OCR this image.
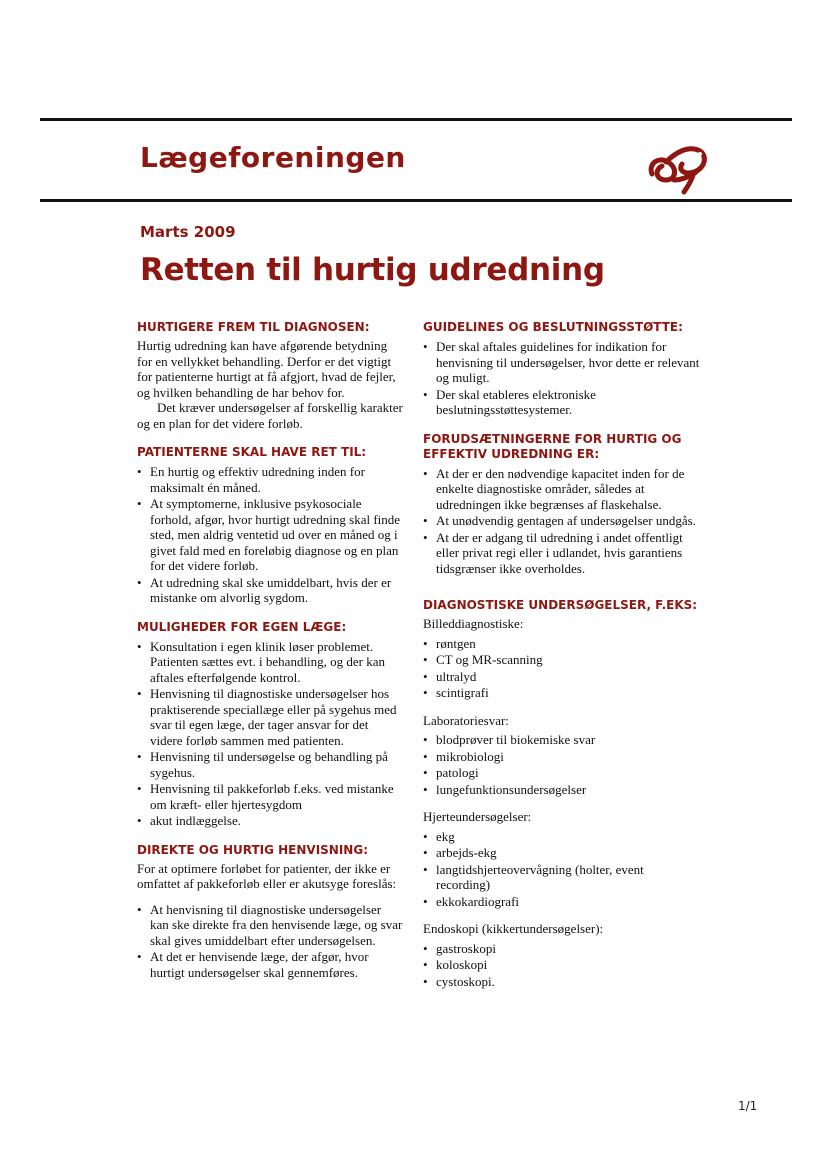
Lægeforeningen
Marts 2009
Retten til hurtig udredning
HURTIGERE FREM TIL DIAGNOSEN:

Hurtig udredning kan have afgørende betydning for en vellykket behandling. Derfor er det vigtigt for patienterne hurtigt at få afgjort, hvad de fejler, og hvilken behandling de har behov for.

Det kræver undersøgelser af forskellig karakter og en plan for det videre forløb.

PATIENTERNE SKAL HAVE RET TIL:
• En hurtig og effektiv udredning inden for maksimalt én måned.
• At symptomerne, inklusive psykosociale forhold, afgør, hvor hurtigt udredning skal finde sted, men aldrig ventetid ud over en måned og i givet fald med en foreløbig diagnose og en plan for det videre forløb.
• At udredning skal ske umiddelbart, hvis der er mistanke om alvorlig sygdom.
MULIGHEDER FOR EGEN LÆGE:
• Konsultation i egen klinik løser problemet. Patienten sættes evt. i behandling, og der kan aftales efterfølgende kontrol.
• Henvisning til diagnostiske undersøgelser hos praktiserende speciallæge eller på sygehus med svar til egen læge, der tager ansvar for det videre forløb sammen med patienten.
• Henvisning til undersøgelse og behandling på sygehus.
• Henvisning til pakkeforløb f.eks. ved mistanke om kræft- eller hjertesygdom
• akut indlæggelse.
DIREKTE OG HURTIG HENVISNING:

For at optimere forløbet for patienter, der ikke er omfattet af pakkeforløb eller er akutsyge foreslås:

• At henvisning til diagnostiske undersøgelser kan ske direkte fra den henvisende læge, og svar skal gives umiddelbart efter undersøgelsen.
• At det er henvisende læge, der afgør, hvor hurtigt undersøgelser skal gennemføres.
GUIDELINES OG BESLUTNINGSSTØTTE:
• Der skal aftales guidelines for indikation for henvisning til undersøgelser, hvor dette er relevant og muligt.
• Der skal etableres elektroniske beslutningsstøttesystemer.
FORUDSÆTNINGERNE FOR HURTIG OG EFFEKTIV UDREDNING ER:
• At der er den nødvendige kapacitet inden for de enkelte diagnostiske områder, således at udredningen ikke begrænses af flaskehalse.
• At unødvendig gentagen af undersøgelser undgås.
• At der er adgang til udredning i andet offentligt eller privat regi eller i udlandet, hvis garantiens tidsgrænser ikke overholdes.
DIAGNOSTISKE UNDERSØGELSER, F.EKS:

Billeddiagnostiske:

• røntgen
• CT og MR-scanning
• ultralyd
• scintigrafi

Laboratoriesvar:

• blodprøver til biokemiske svar
• mikrobiologi
• patologi
• lungefunktionsundersøgelser

Hjerteundersøgelser:

• ekg
• arbejds-ekg
• langtidshjerteovervågning (holter, event recording)
• ekkokardiografi

Endoskopi (kikkertundersøgelser):

• gastroskopi
• koloskopi
• cystoskopi.
1/1
